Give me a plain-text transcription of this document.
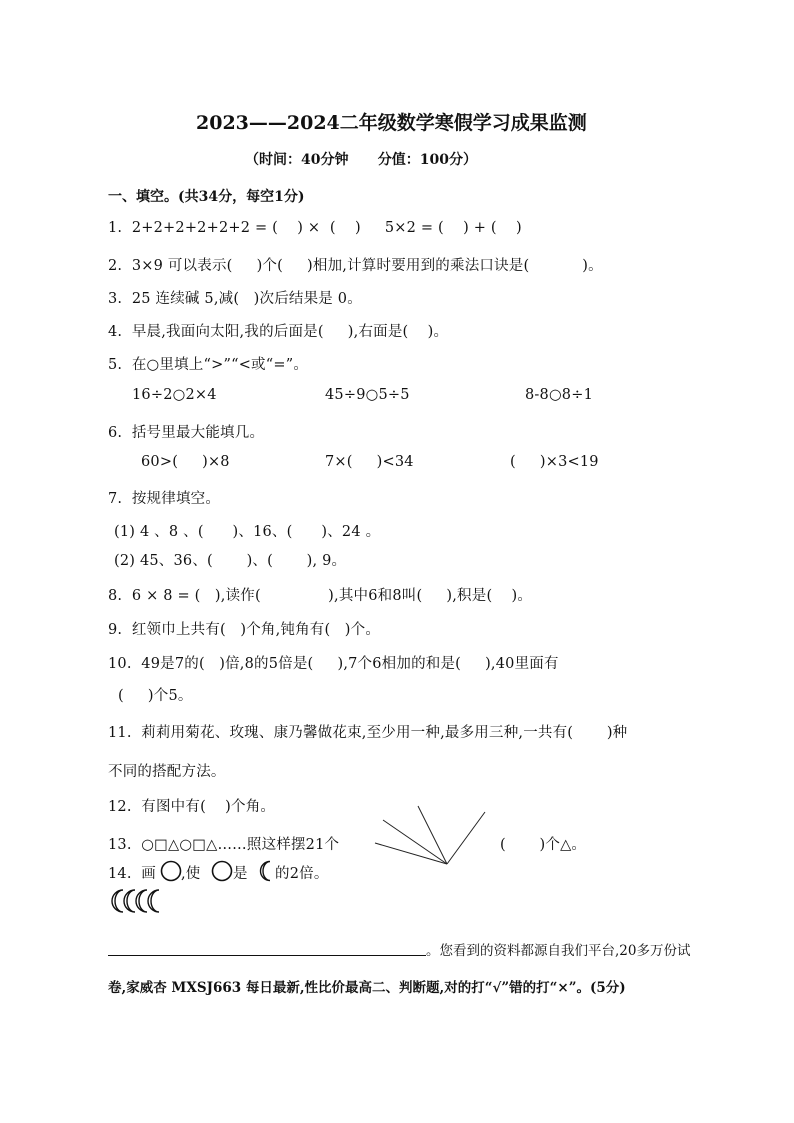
2023——2024二年级数学寒假学习成果监测
（时间：40分钟      分值：100分）
一、填空。(共34分，每空1分)
1.  2+2+2+2+2+2 = (    ) ×  (    )     5×2 = (    ) + (    )
2.  3×9 可以表示(     )个(     )相加,计算时要用到的乘法口诀是(           )。
3.  25 连续碱 5,减(   )次后结果是 0。
4.  早晨,我面向太阳,我的后面是(     ),右面是(    )。
5.  在○里填上“>”“<或“=”。
16÷2○2×4	45÷9○5÷5	8-8○8÷1
6.  括号里最大能填几。
60>(     )×8	7×(     )<34	(     )×3<19
7.  按规律填空。
(1) 4 、8 、(      )、16、(      )、24 。
(2) 45、36、(       )、(       ), 9。
8.  6 × 8 = (   ),读作(              ),其中6和8叫(     ),积是(    )。
9.  红领巾上共有(   )个角,钝角有(   )个。
10.  49是7的(   )倍,8的5倍是(     ),7个6相加的和是(     ),40里面有
(     )个5。
11.  莉莉用菊花、玫瑰、康乃馨做花束,至少用一种,最多用三种,一共有(       )种
不同的搭配方法。
12.  有图中有(    )个角。
13.  ○□△○□△……照这样摆21个	(       )个△。
14.  画 ,使 是 的2倍。
。您看到的资料都源自我们平台,20多万份试
卷,家威杏 MXSJ663 每日最新,性比价最高二、判断题,对的打“√”错的打“×”。(5分)
